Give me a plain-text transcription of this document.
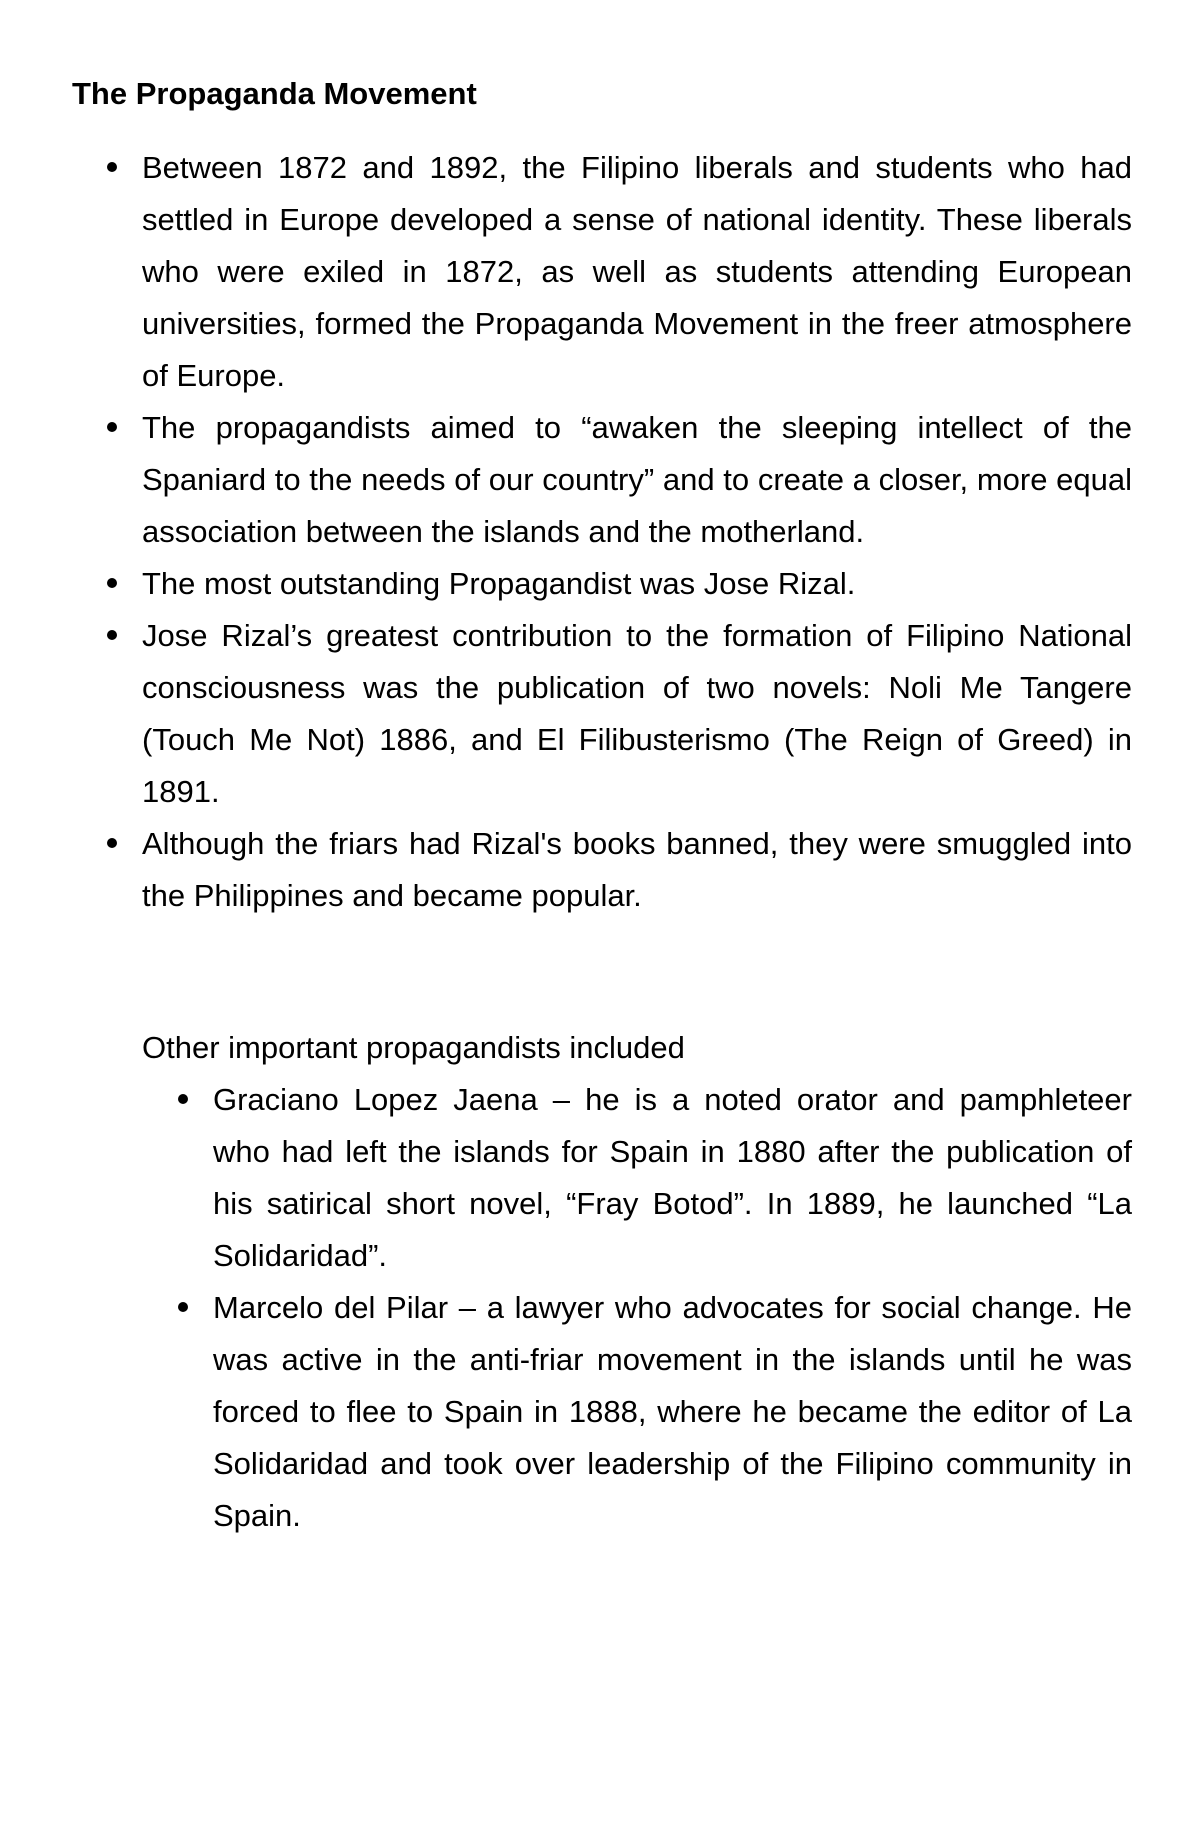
The Propaganda Movement
Between 1872 and 1892, the Filipino liberals and students who had settled in Europe developed a sense of national identity. These liberals who were exiled in 1872, as well as students attending European universities, formed the Propaganda Movement in the freer atmosphere of Europe.
The propagandists aimed to “awaken the sleeping intellect of the Spaniard to the needs of our country” and to create a closer, more equal association between the islands and the motherland.
The most outstanding Propagandist was Jose Rizal.
Jose Rizal’s greatest contribution to the formation of Filipino National consciousness was the publication of two novels: Noli Me Tangere (Touch Me Not) 1886, and El Filibusterismo (The Reign of Greed) in 1891.
Although the friars had Rizal's books banned, they were smuggled into the Philippines and became popular.

Other important propagandists included

Graciano Lopez Jaena – he is a noted orator and pamphleteer who had left the islands for Spain in 1880 after the publication of his satirical short novel, “Fray Botod”. In 1889, he launched “La Solidaridad”.
Marcelo del Pilar – a lawyer who advocates for social change. He was active in the anti-friar movement in the islands until he was forced to flee to Spain in 1888, where he became the editor of La Solidaridad and took over leadership of the Filipino community in Spain.
